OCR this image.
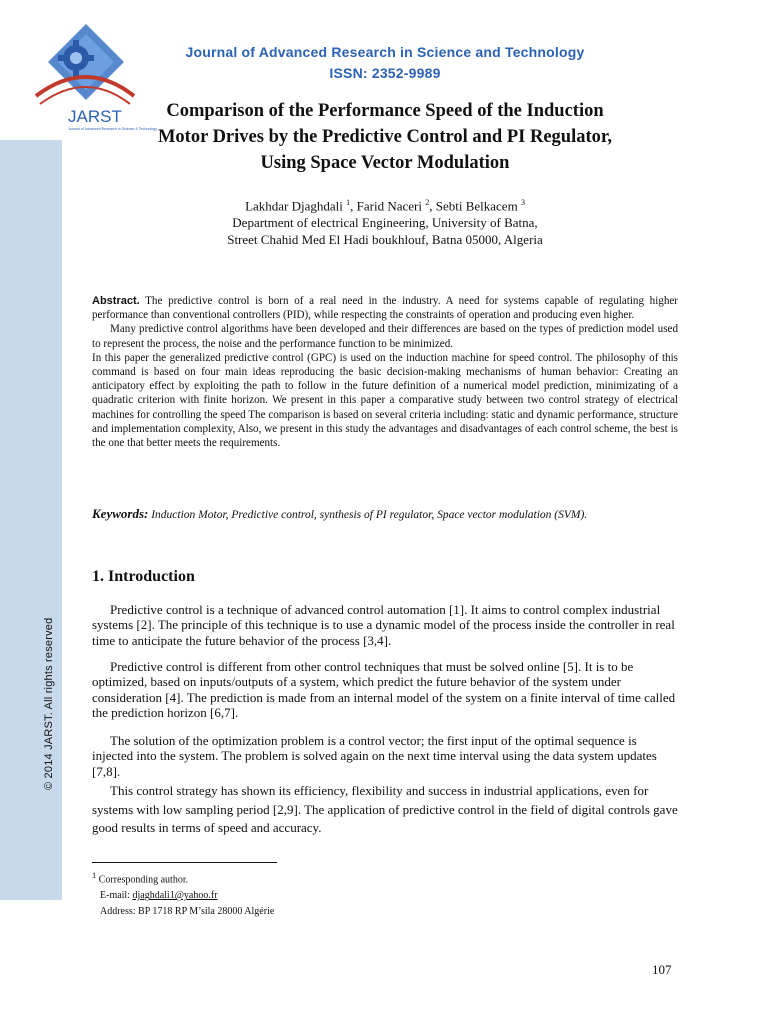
© 2014 JARST. All rights reserved
JARST
Journal of Advanced Research in Science & Technology
Journal of Advanced Research in Science and Technology
ISSN: 2352-9989
Comparison of the Performance Speed of the Induction
Motor Drives by the Predictive Control and PI Regulator,
Using Space Vector Modulation
Lakhdar Djaghdali $^1$, Farid Naceri $^2$, Sebti Belkacem $^3$
Department of electrical Engineering, University of Batna,
Street Chahid Med El Hadi boukhlouf, Batna 05000, Algeria

Abstract. The predictive control is born of a real need in the industry. A need for systems capable of regulating higher performance than conventional controllers (PID), while respecting the constraints of operation and producing even higher.

Many predictive control algorithms have been developed and their differences are based on the types of prediction model used to represent the process, the noise and the performance function to be minimized.

In this paper the generalized predictive control (GPC) is used on the induction machine for speed control. The philosophy of this command is based on four main ideas reproducing the basic decision-making mechanisms of human behavior: Creating an anticipatory effect by exploiting the path to follow in the future definition of a numerical model prediction, minimizating of a quadratic criterion with finite horizon. We present in this paper a comparative study between two control strategy of electrical machines for controlling the speed The comparison is based on several criteria including: static and dynamic performance, structure and implementation complexity, Also, we present in this study the advantages and disadvantages of each control scheme, the best is the one that better meets the requirements.

Keywords: Induction Motor, Predictive control, synthesis of PI regulator, Space vector modulation (SVM).
1. Introduction

Predictive control is a technique of advanced control automation [1]. It aims to control complex industrial systems [2]. The principle of this technique is to use a dynamic model of the process inside the controller in real time to anticipate the future behavior of the process [3,4].

Predictive control is different from other control techniques that must be solved online [5]. It is to be optimized, based on inputs/outputs of a system, which predict the future behavior of the system under consideration [4]. The prediction is made from an internal model of the system on a finite interval of time called the prediction horizon [6,7].

The solution of the optimization problem is a control vector; the first input of the optimal sequence is injected into the system. The problem is solved again on the next time interval using the data system updates [7,8].

This control strategy has shown its efficiency, flexibility and success in industrial applications, even for systems with low sampling period [2,9]. The application of predictive control in the field of digital controls gave good results in terms of speed and accuracy.

$^1$ Corresponding author.
E-mail: djaghdali1@yahoo.fr
Address: BP 1718 RP M’sila 28000 Algérie
107
